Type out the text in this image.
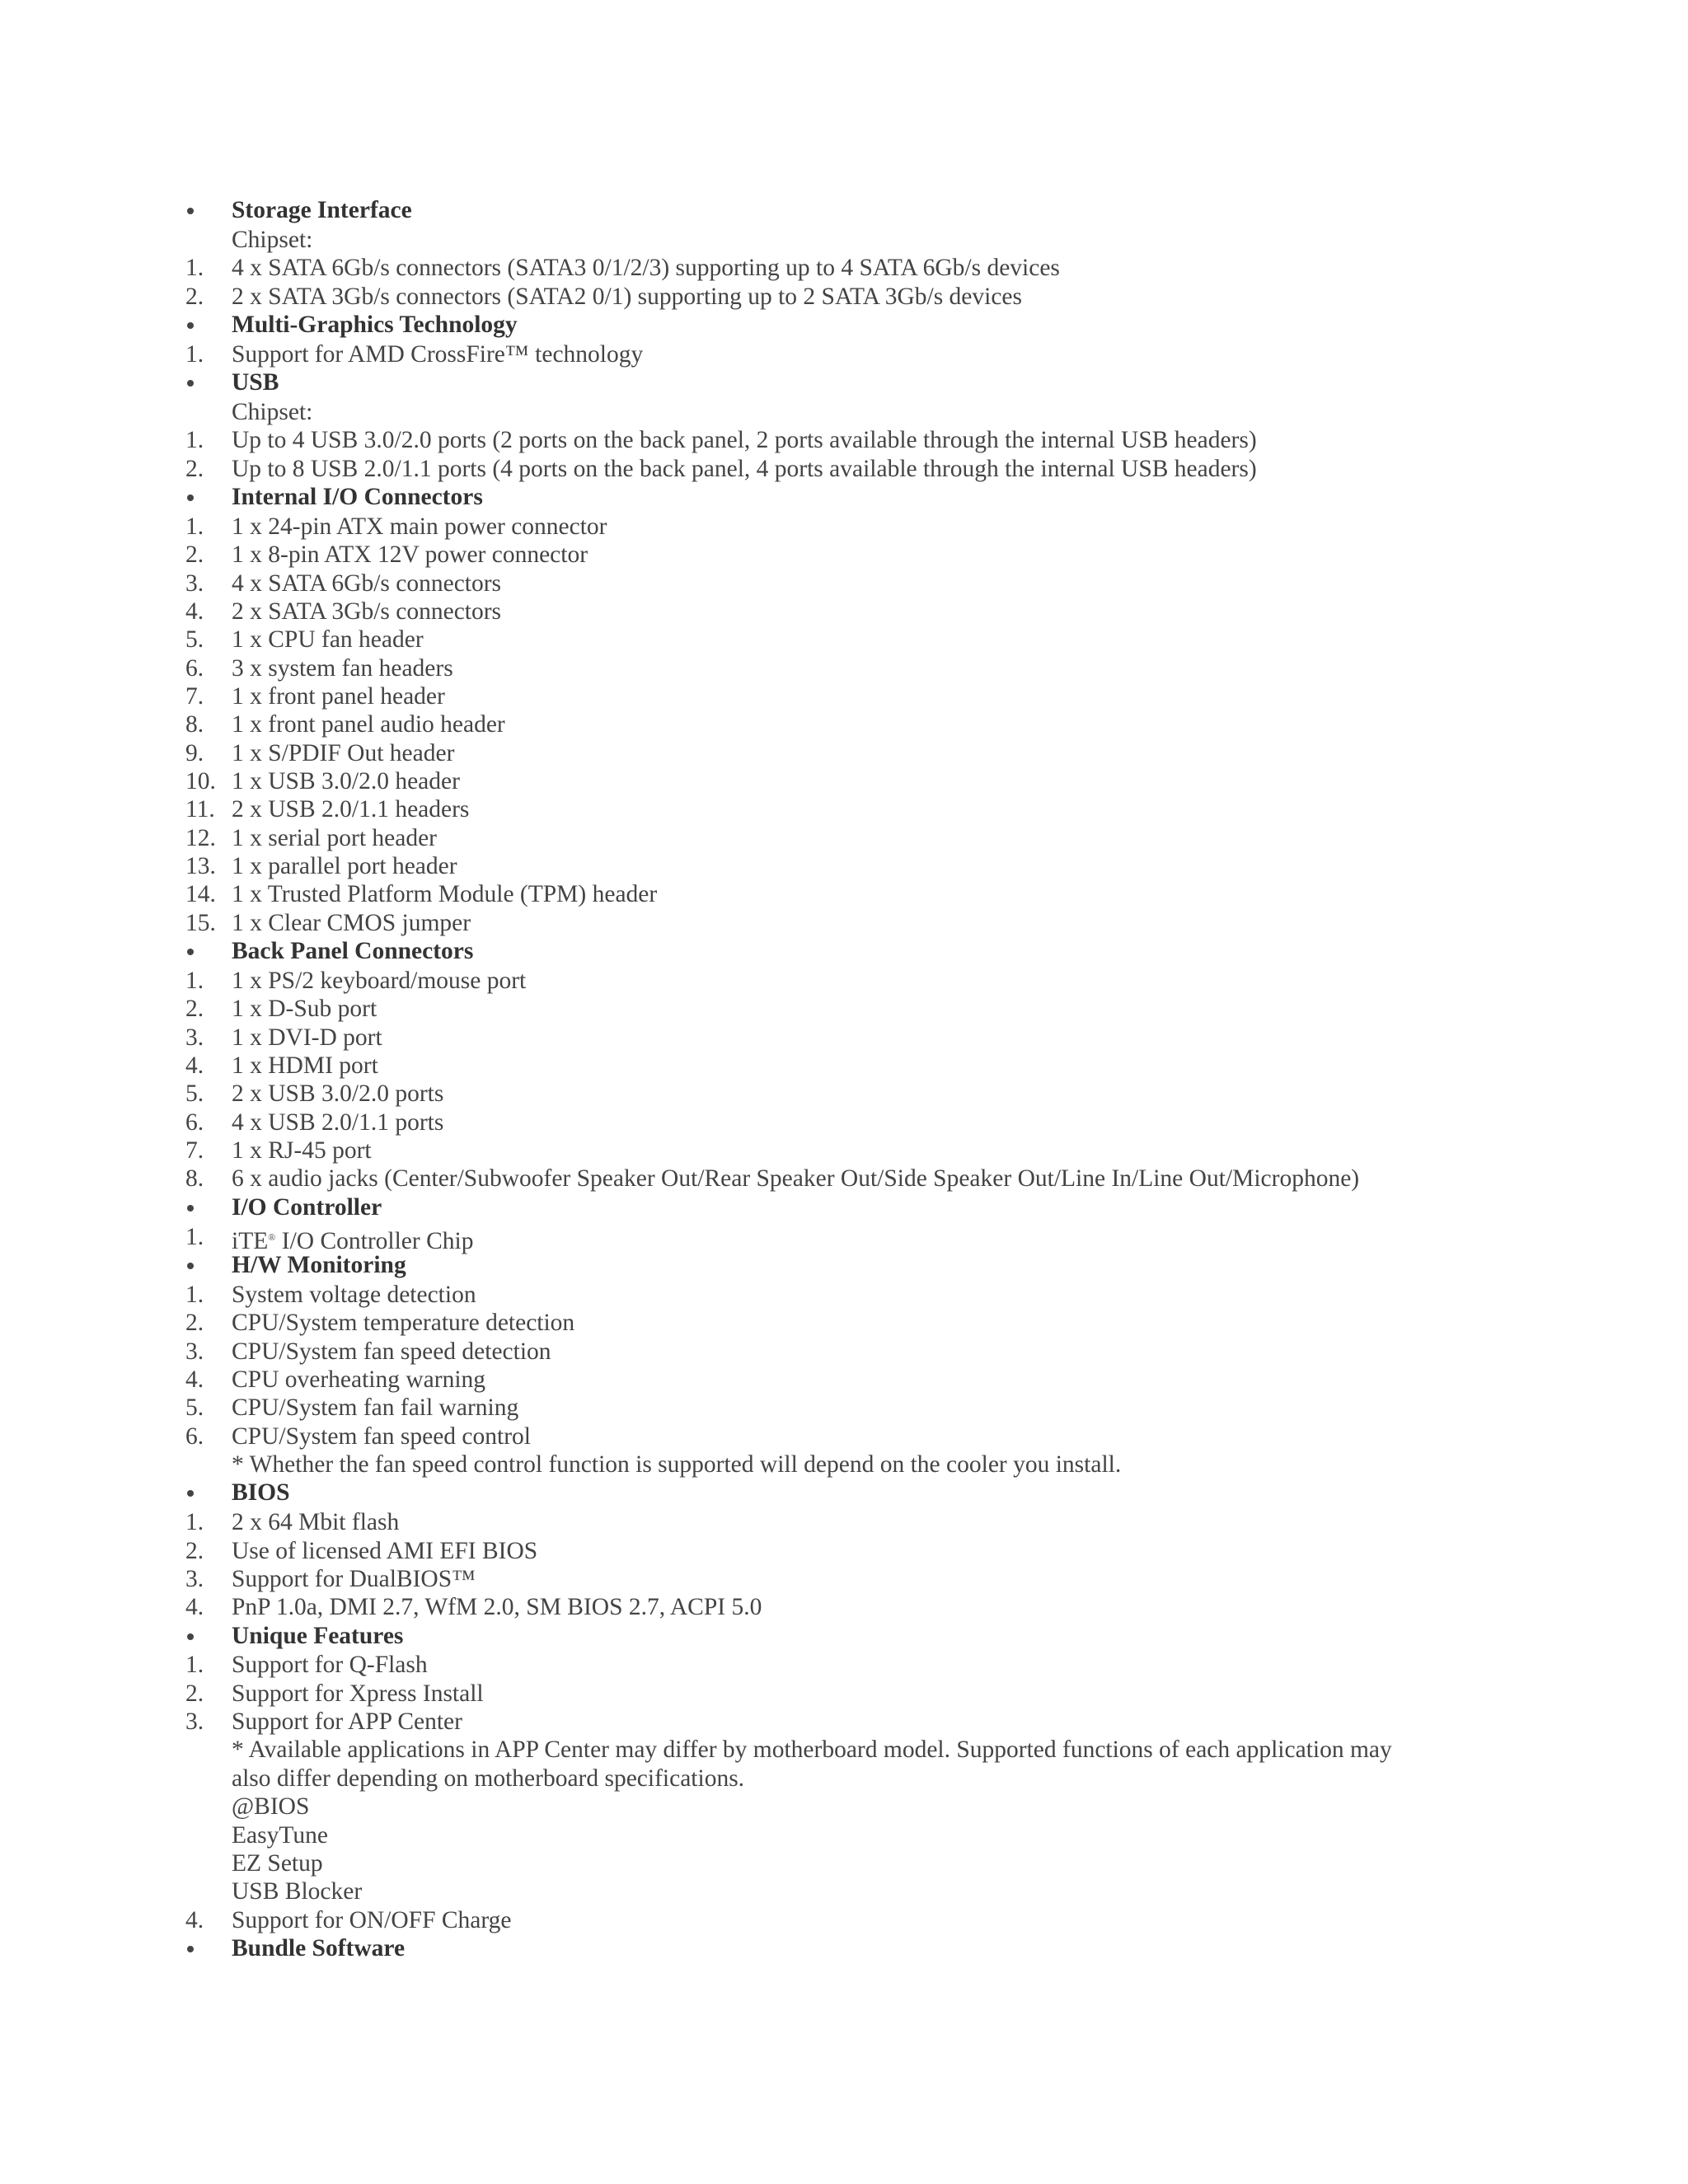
Storage Interface
Chipset:
1.	4 x SATA 6Gb/s connectors (SATA3 0/1/2/3) supporting up to 4 SATA 6Gb/s devices
2.	2 x SATA 3Gb/s connectors (SATA2 0/1) supporting up to 2 SATA 3Gb/s devices
Multi-Graphics Technology
1.	Support for AMD CrossFire™ technology
USB
Chipset:
1.	Up to 4 USB 3.0/2.0 ports (2 ports on the back panel, 2 ports available through the internal USB headers)
2.	Up to 8 USB 2.0/1.1 ports (4 ports on the back panel, 4 ports available through the internal USB headers)
Internal I/O Connectors
1.	1 x 24-pin ATX main power connector
2.	1 x 8-pin ATX 12V power connector
3.	4 x SATA 6Gb/s connectors
4.	2 x SATA 3Gb/s connectors
5.	1 x CPU fan header
6.	3 x system fan headers
7.	1 x front panel header
8.	1 x front panel audio header
9.	1 x S/PDIF Out header
10. 1 x USB 3.0/2.0 header
11. 2 x USB 2.0/1.1 headers
12. 1 x serial port header
13. 1 x parallel port header
14. 1 x Trusted Platform Module (TPM) header
15. 1 x Clear CMOS jumper
Back Panel Connectors
1.	1 x PS/2 keyboard/mouse port
2.	1 x D-Sub port
3.	1 x DVI-D port
4.	1 x HDMI port
5.	2 x USB 3.0/2.0 ports
6.	4 x USB 2.0/1.1 ports
7.	1 x RJ-45 port
8.	6 x audio jacks (Center/Subwoofer Speaker Out/Rear Speaker Out/Side Speaker Out/Line In/Line Out/Microphone)
I/O Controller
1.	iTE® I/O Controller Chip
H/W Monitoring
1.	System voltage detection
2.	CPU/System temperature detection
3.	CPU/System fan speed detection
4.	CPU overheating warning
5.	CPU/System fan fail warning
6.	CPU/System fan speed control
* Whether the fan speed control function is supported will depend on the cooler you install.
BIOS
1.	2 x 64 Mbit flash
2.	Use of licensed AMI EFI BIOS
3.	Support for DualBIOS™
4.	PnP 1.0a, DMI 2.7, WfM 2.0, SM BIOS 2.7, ACPI 5.0
Unique Features
1.	Support for Q-Flash
2.	Support for Xpress Install
3.	Support for APP Center
* Available applications in APP Center may differ by motherboard model. Supported functions of each application may
also differ depending on motherboard specifications.
@BIOS
EasyTune
EZ Setup
USB Blocker
4.	Support for ON/OFF Charge
Bundle Software
